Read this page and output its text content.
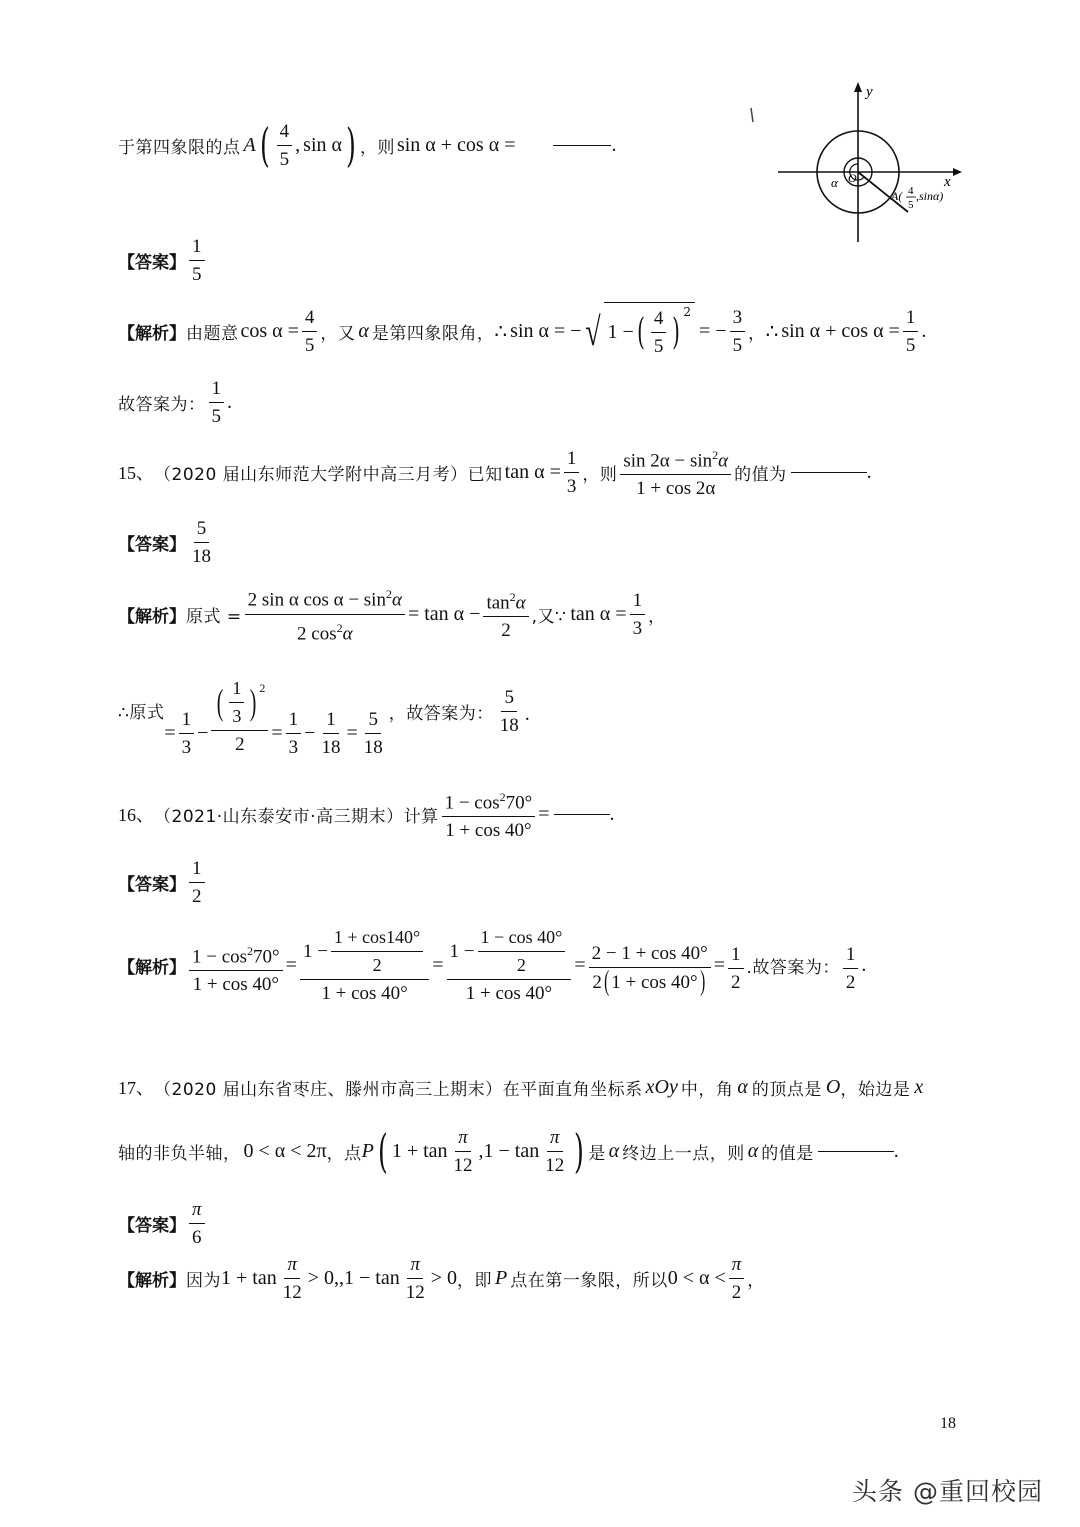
于第四象限的点 A ( $\frac{4}{5}$ , sin α ) ，则 sin α + cos α =	.
y
x
α O
A( 4
5
,sinα)
【答案】 $\frac{1}{5}$
【解析】 由题意 $\cos \alpha = \frac{4}{5}$ ，又 α 是第四象限角， ∴ sin α = − √ 1 − ( $\frac{4}{5}$ ) 2
= − $\frac{3}{5}$ ， ∴ $\sin \alpha + \cos \alpha = \frac{1}{5}$ .
故答案为： $\frac{1}{5}$ .
15、 （2020 届山东师范大学附中高三月考）已知 $\tan \alpha = \frac{1}{3}$ ，则 $\frac{\sin 2\alpha - \sin^2\alpha}{1 + \cos 2\alpha}$ 的值为	.
【答案】 $\frac{5}{18}$
【解析】 原式 = $\frac{2 \sin \alpha \cos \alpha - \sin^2\alpha}{2 \cos^2\alpha} = \tan \alpha - \frac{\tan^2\alpha}{2}$ ,又∵ $\tan \alpha = \frac{1}{3}$ ，
∴原式
= $\frac{1}{3} - \frac{( \frac{1}{3} ) 2}{2} = \frac{1}{3} - \frac{1}{18} = \frac{5}{18}$ ，故答案为： $\frac{5}{18}$ .
16、 （2021·山东泰安市·高三期末）计算 $\frac{1 - \cos^270^\circ}{1 + \cos 40^\circ}$ =	.
【答案】 $\frac{1}{2}$
【解析】 $\frac{1 - \cos^270^\circ}{1 + \cos 40^\circ} = \frac{1 - \frac{1 + \cos 140^\circ}{2}}{1 + \cos 40^\circ} = \frac{1 - \frac{1 - \cos 40^\circ}{2}}{1 + \cos 40^\circ} = \frac{2 - 1 + \cos 40^\circ}{2 ( 1 + \cos 40^\circ )} = \frac{1}{2}$ .故答案为： $\frac{1}{2}$ .
17、 （2020 届山东省枣庄、滕州市高三上期末）在平面直角坐标系 xOy 中，角 α 的顶点是 O ，始边是 x
轴的非负半轴， 0 < α < 2π ，点 P ( $1 + \tan \frac{\pi}{12} ,1 - \tan \frac{\pi}{12}$ ) 是 α 终边上一点，则 α 的值是	.
【答案】 $\frac{\pi}{6}$
【解析】 因为 $1 + \tan \frac{\pi}{12} > 0$, $,1 - \tan \frac{\pi}{12} > 0$ ，即 P 点在第一象限，所以 $0 < \alpha < \frac{\pi}{2}$ ，
18
头条 @重回校园
